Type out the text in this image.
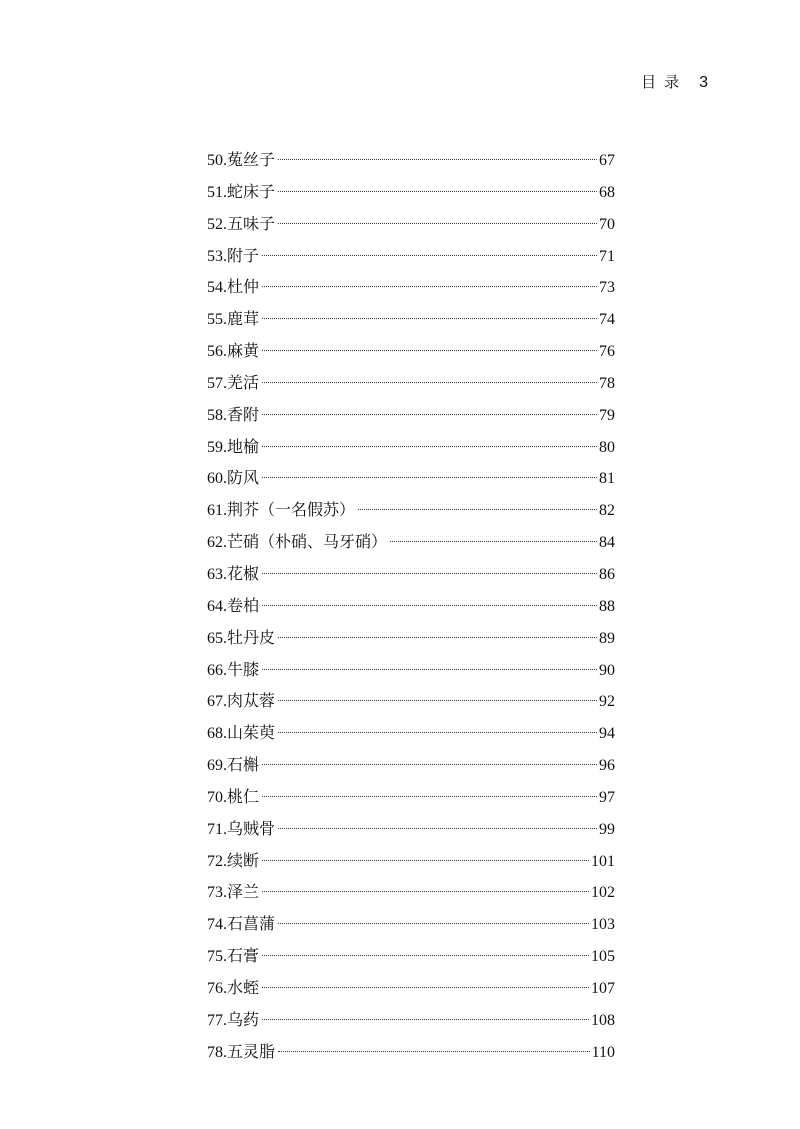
目录 3
50. 菟丝子	67
51. 蛇床子	68
52. 五味子	70
53. 附子	71
54. 杜仲	73
55. 鹿茸	74
56. 麻黄	76
57. 羌活	78
58. 香附	79
59. 地榆	80
60. 防风	81
61. 荆芥（一名假苏）	82
62. 芒硝（朴硝、马牙硝）	84
63. 花椒	86
64. 卷柏	88
65. 牡丹皮	89
66. 牛膝	90
67. 肉苁蓉	92
68. 山茱萸	94
69. 石槲	96
70. 桃仁	97
71. 乌贼骨	99
72. 续断	101
73. 泽兰	102
74. 石菖蒲	103
75. 石膏	105
76. 水蛭	107
77. 乌药	108
78. 五灵脂	110
